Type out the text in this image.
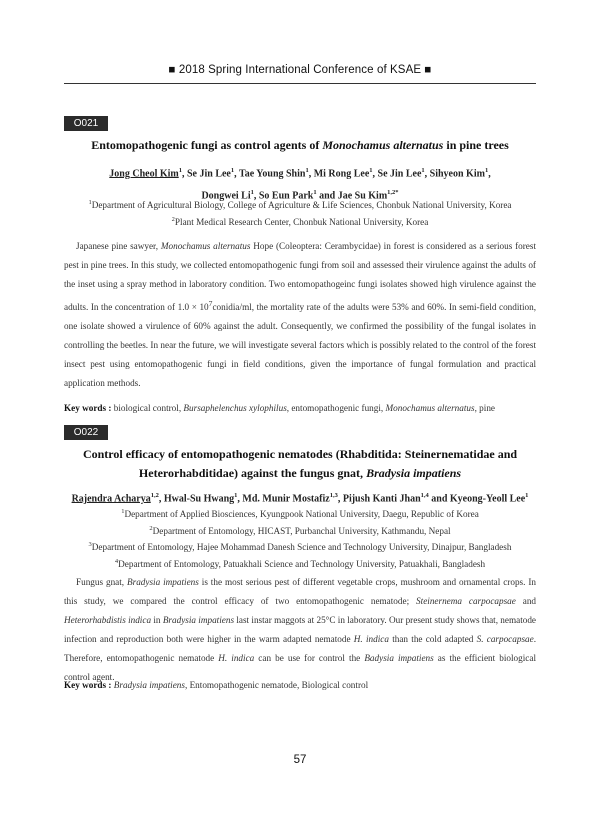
■ 2018 Spring International Conference of KSAE ■
O021
Entomopathogenic fungi as control agents of Monochamus alternatus in pine trees
Jong Cheol Kim$^1$, Se Jin Lee$^1$, Tae Young Shin$^1$, Mi Rong Lee$^1$, Se Jin Lee$^1$, Sihyeon Kim$^1$,
Dongwei Li$^1$, So Eun Park$^1$ and Jae Su Kim$^{1,2*}$
$^1$Department of Agricultural Biology, College of Agriculture & Life Sciences, Chonbuk National University, Korea
$^2$Plant Medical Research Center, Chonbuk National University, Korea

Japanese pine sawyer, Monochamus alternatus Hope (Coleoptera: Cerambycidae) in forest is considered as a serious forest pest in pine trees. In this study, we collected entomopathogenic fungi from soil and assessed their virulence against the adults of the inset using a spray method in laboratory condition. Two entomopathogeinc fungi isolates showed high virulence against the adults. In the concentration of $1.0 \times 10^7conidia/ml$, the mortality rate of the adults were 53% and 60%. In semi-field condition, one isolate showed a virulence of 60% against the adult. Consequently, we confirmed the possibility of the fungal isolates in controlling the beetles. In near the future, we will investigate several factors which is possibly related to the control of the forest insect pest using entomopathogenic fungi in field conditions, given the importance of fungal formulation and practical application methods.

Key words : biological control, Bursaphelenchus xylophilus, entomopathogenic fungi, Monochamus alternatus, pine

O022
Control efficacy of entomopathogenic nematodes (Rhabditida: Steinernematidae and Heterorhabditidae) against the fungus gnat, Bradysia impatiens
Rajendra Acharya$^{1,2}$, Hwal-Su Hwang$^1$, Md. Munir Mostafiz$^{1,3}$, Pijush Kanti Jhan$^{1,4}$ and Kyeong-Yeoll Lee$^1$
$^1$Department of Applied Biosciences, Kyungpook National University, Daegu, Republic of Korea
$^2$Department of Entomology, HICAST, Purbanchal University, Kathmandu, Nepal
$^3$Department of Entomology, Hajee Mohammad Danesh Science and Technology University, Dinajpur, Bangladesh
$^4$Department of Entomology, Patuakhali Science and Technology University, Patuakhali, Bangladesh

Fungus gnat, Bradysia impatiens is the most serious pest of different vegetable crops, mushroom and ornamental crops. In this study, we compared the control efficacy of two entomopathogenic nematode; Steinernema carpocapsae and Heterorhabdistis indica in Bradysia impatiens last instar maggots at 25°C in laboratory. Our present study shows that, nematode infection and reproduction both were higher in the warm adapted nematode H. indica than the cold adapted S. carpocapsae. Therefore, entomopathogenic nematode H. indica can be use for control the Badysia impatiens as the efficient biological control agent.

Key words : Bradysia impatiens, Entomopathogenic nematode, Biological control

57
